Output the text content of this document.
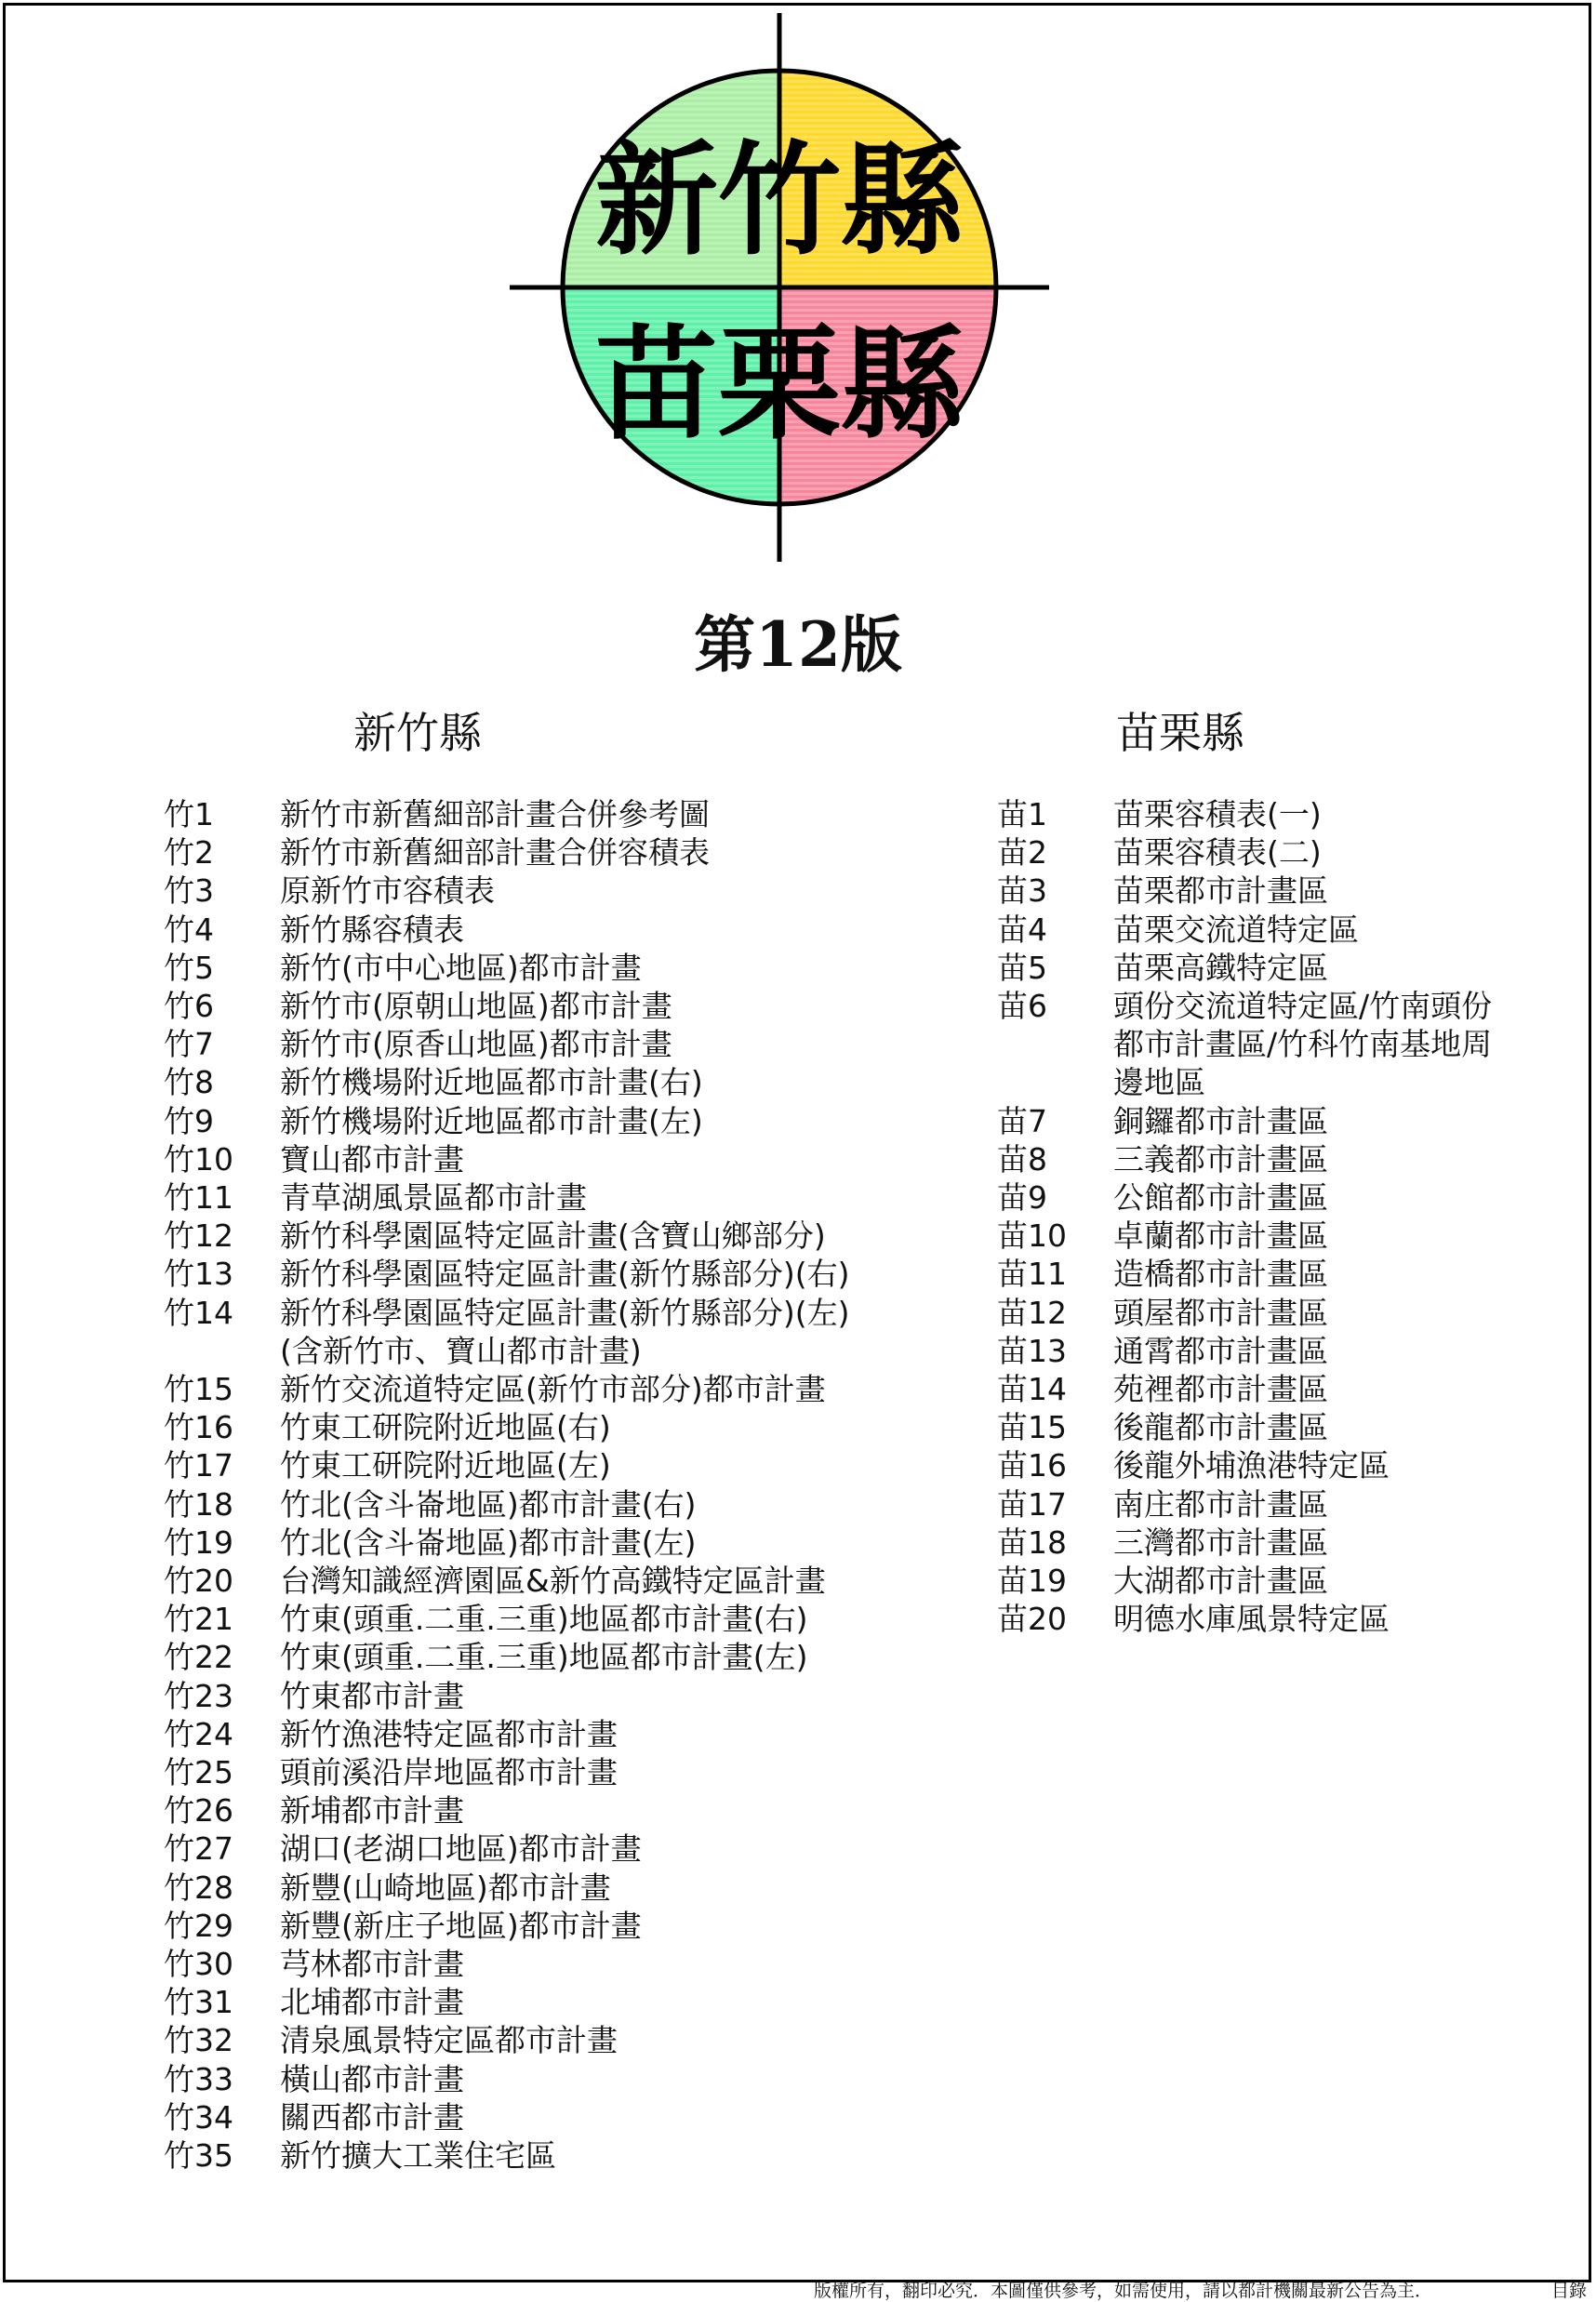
新竹縣
苗栗縣
第12版
新竹縣	苗栗縣
竹1 新竹市新舊細部計畫合併參考圖
竹2 新竹市新舊細部計畫合併容積表
竹3 原新竹市容積表
竹4 新竹縣容積表
竹5 新竹(市中心地區)都市計畫
竹6 新竹市(原朝山地區)都市計畫
竹7 新竹市(原香山地區)都市計畫
竹8 新竹機場附近地區都市計畫(右)
竹9 新竹機場附近地區都市計畫(左)
竹10 寶山都市計畫
竹11 青草湖風景區都市計畫
竹12 新竹科學園區特定區計畫(含寶山鄉部分)
竹13 新竹科學園區特定區計畫(新竹縣部分)(右)
竹14 新竹科學園區特定區計畫(新竹縣部分)(左)
(含新竹市、寶山都市計畫)
竹15 新竹交流道特定區(新竹市部分)都市計畫
竹16 竹東工研院附近地區(右)
竹17 竹東工研院附近地區(左)
竹18 竹北(含斗崙地區)都市計畫(右)
竹19 竹北(含斗崙地區)都市計畫(左)
竹20 台灣知識經濟園區&新竹高鐵特定區計畫
竹21 竹東(頭重.二重.三重)地區都市計畫(右)
竹22 竹東(頭重.二重.三重)地區都市計畫(左)
竹23 竹東都市計畫
竹24 新竹漁港特定區都市計畫
竹25 頭前溪沿岸地區都市計畫
竹26 新埔都市計畫
竹27 湖口(老湖口地區)都市計畫
竹28 新豐(山崎地區)都市計畫
竹29 新豐(新庄子地區)都市計畫
竹30 芎林都市計畫
竹31 北埔都市計畫
竹32 清泉風景特定區都市計畫
竹33 橫山都市計畫
竹34 關西都市計畫
竹35 新竹擴大工業住宅區
苗1 苗栗容積表(一)
苗2 苗栗容積表(二)
苗3 苗栗都市計畫區
苗4 苗栗交流道特定區
苗5 苗栗高鐵特定區
苗6 頭份交流道特定區/竹南頭份
都市計畫區/竹科竹南基地周
邊地區
苗7 銅鑼都市計畫區
苗8 三義都市計畫區
苗9 公館都市計畫區
苗10 卓蘭都市計畫區
苗11 造橋都市計畫區
苗12 頭屋都市計畫區
苗13 通霄都市計畫區
苗14 苑裡都市計畫區
苗15 後龍都市計畫區
苗16 後龍外埔漁港特定區
苗17 南庄都市計畫區
苗18 三灣都市計畫區
苗19 大湖都市計畫區
苗20 明德水庫風景特定區
版權所有，翻印必究．本圖僅供參考，如需使用，請以都計機關最新公告為主．	目錄
